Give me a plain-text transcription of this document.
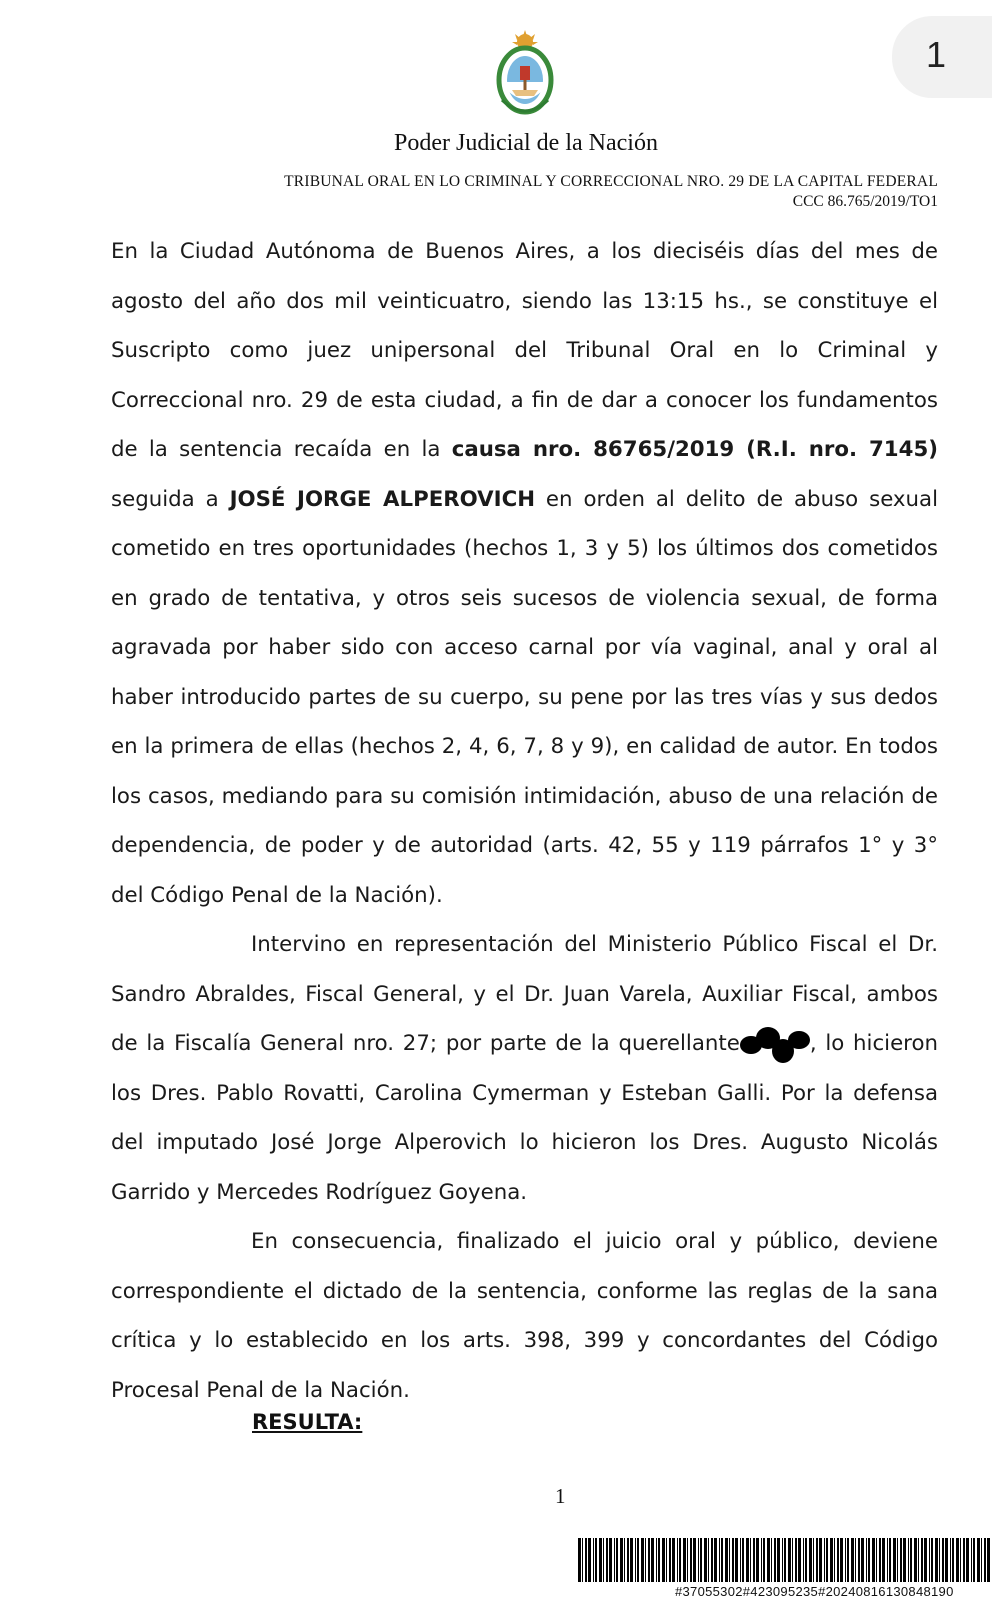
1
Poder Judicial de la Nación
TRIBUNAL ORAL EN LO CRIMINAL Y CORRECCIONAL NRO. 29 DE LA CAPITAL FEDERAL
CCC 86.765/2019/TO1

En la Ciudad Autónoma de Buenos Aires, a los dieciséis días del mes de agosto del año dos mil veinticuatro, siendo las 13:15 hs., se constituye el Suscripto como juez unipersonal del Tribunal Oral en lo Criminal y Correccional nro. 29 de esta ciudad, a fin de dar a conocer los fundamentos de la sentencia recaída en la causa nro. 86765/2019 (R.I. nro. 7145) seguida a JOSÉ JORGE ALPEROVICH en orden al delito de abuso sexual cometido en tres oportunidades (hechos 1, 3 y 5) los últimos dos cometidos en grado de tentativa, y otros seis sucesos de violencia sexual, de forma agravada por haber sido con acceso carnal por vía vaginal, anal y oral al haber introducido partes de su cuerpo, su pene por las tres vías y sus dedos en la primera de ellas (hechos 2, 4, 6, 7, 8 y 9), en calidad de autor. En todos los casos, mediando para su comisión intimidación, abuso de una relación de dependencia, de poder y de autoridad (arts. 42, 55 y 119 párrafos 1° y 3° del Código Penal de la Nación).

Intervino en representación del Ministerio Público Fiscal el Dr. Sandro Abraldes, Fiscal General, y el Dr. Juan Varela, Auxiliar Fiscal, ambos de la Fiscalía General nro. 27; por parte de la querellante	, lo hicieron los Dres. Pablo Rovatti, Carolina Cymerman y Esteban Galli. Por la defensa del imputado José Jorge Alperovich lo hicieron los Dres. Augusto Nicolás Garrido y Mercedes Rodríguez Goyena.

En consecuencia, finalizado el juicio oral y público, deviene correspondiente el dictado de la sentencia, conforme las reglas de la sana crítica y lo establecido en los arts. 398, 399 y concordantes del Código Procesal Penal de la Nación.

RESULTA:
1
#37055302#423095235#20240816130848190
